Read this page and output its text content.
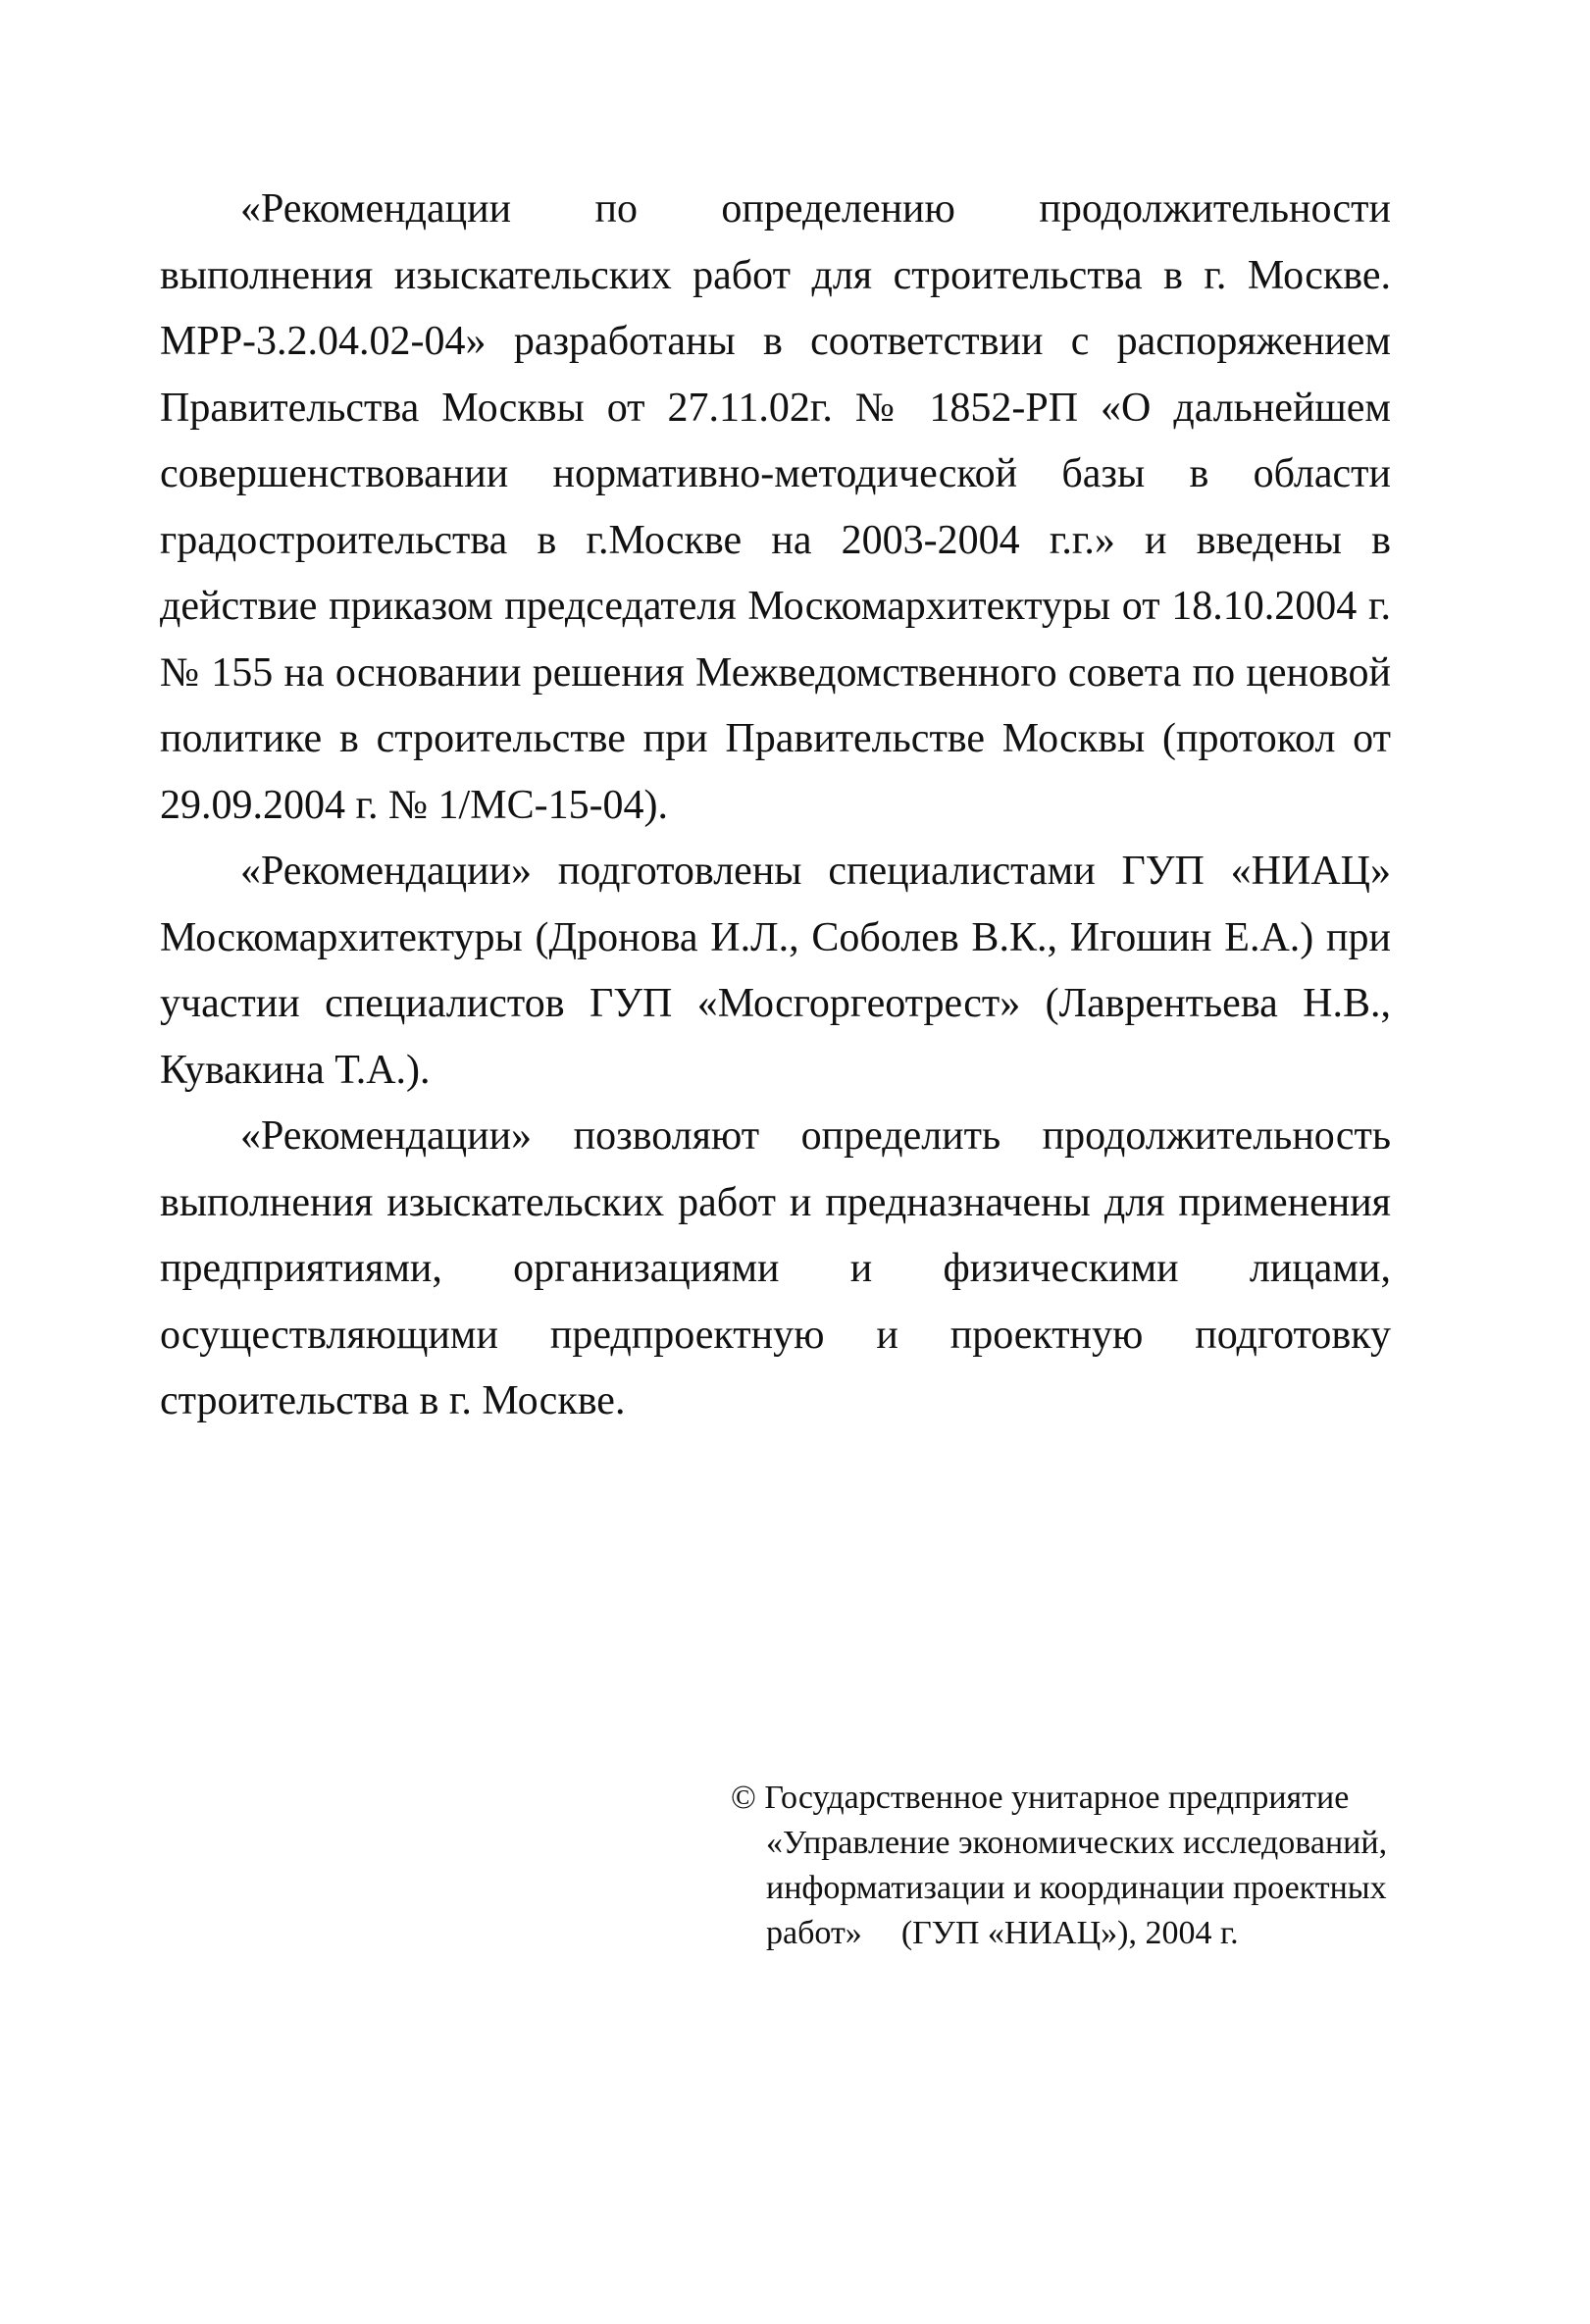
«Рекомендации по определению продолжительности выполнения изыскательских работ для строительства в г. Москве. МРР-3.2.04.02-04» разработаны в соответствии с распоряжением Правительства Москвы от 27.11.02г. № 1852-РП «О дальнейшем совершенствовании нормативно-методической базы в области градостроительства в г.Москве на 2003-2004 г.г.» и введены в действие приказом председателя Москомархитектуры от 18.10.2004 г. № 155 на основании решения Межведомственного совета по ценовой политике в строительстве при Правительстве Москвы (протокол от 29.09.2004 г. № 1/МС-15-04).

«Рекомендации» подготовлены специалистами ГУП «НИАЦ» Москомархитектуры (Дронова И.Л., Соболев В.К., Игошин Е.А.) при участии специалистов ГУП «Мосгоргеотрест» (Лаврентьева Н.В., Кувакина Т.А.).

«Рекомендации» позволяют определить продолжительность выполнения изыскательских работ и предназначены для применения предприятиями, организациями и физическими лицами, осуществляющими предпроектную и проектную подготовку строительства в г. Москве.

© Государственное унитарное предприятие
«Управление экономических исследований,
информатизации и координации проектных
работ» (ГУП «НИАЦ»), 2004 г.
